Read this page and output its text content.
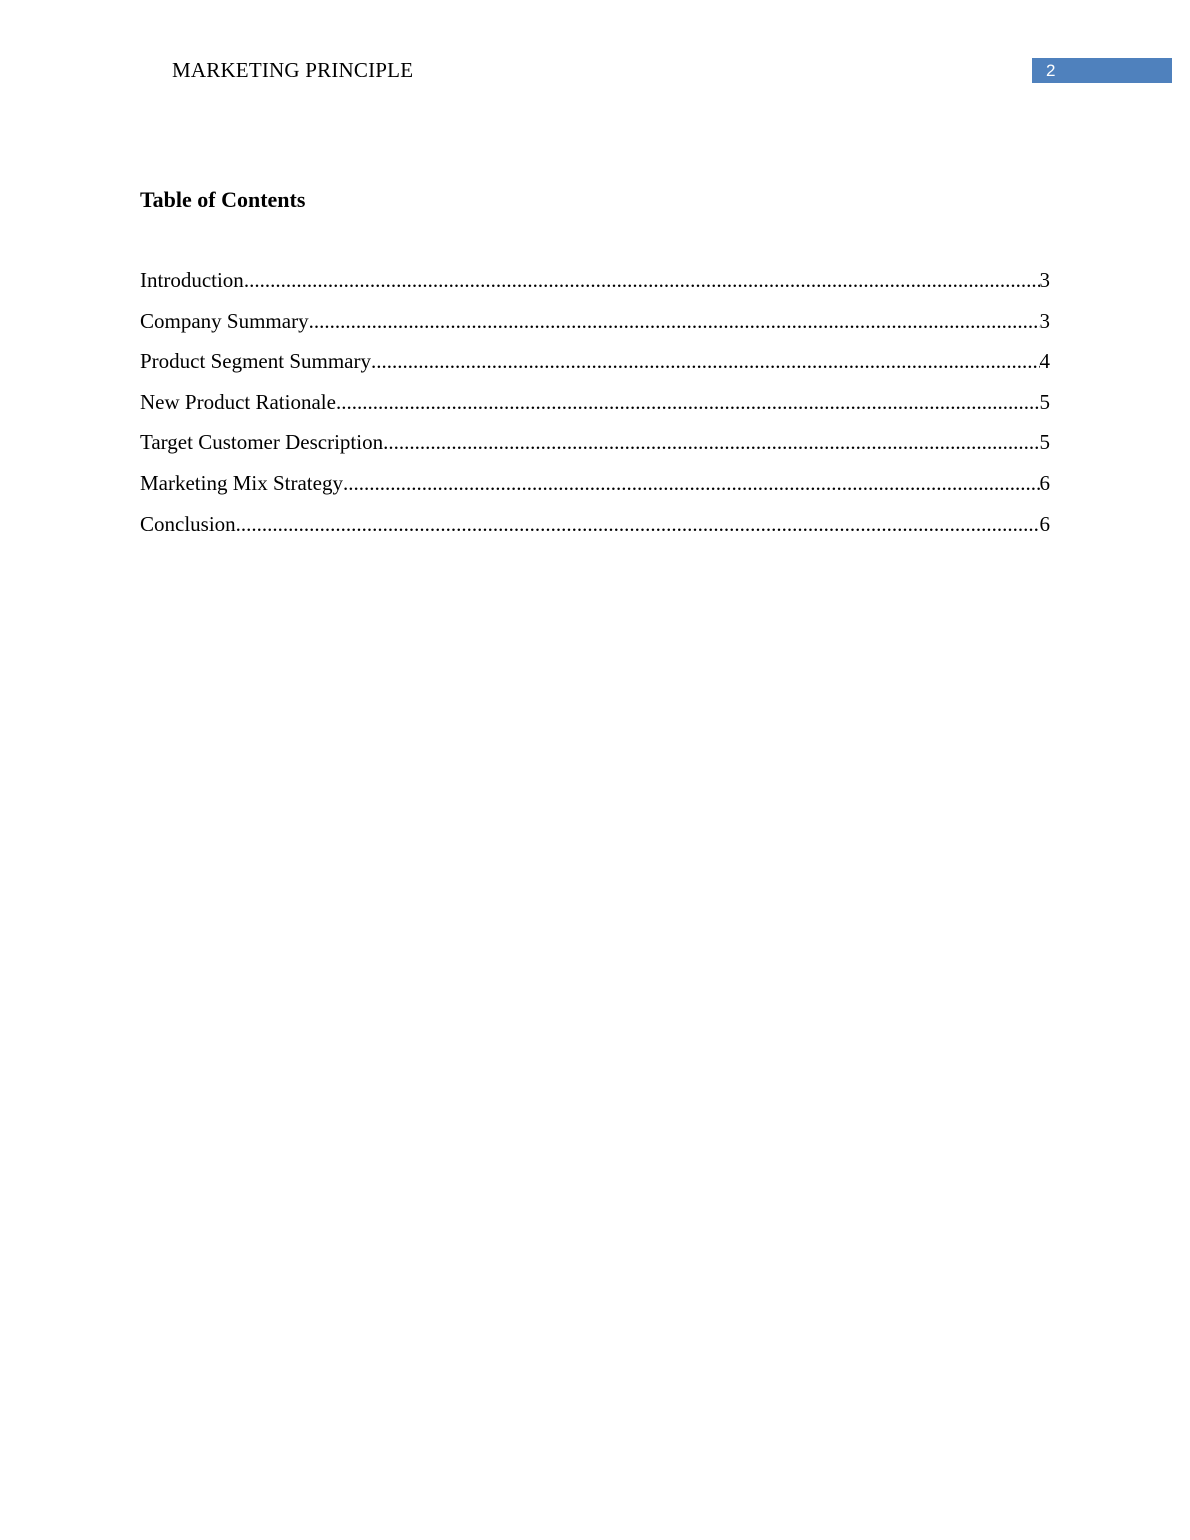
MARKETING PRINCIPLE	2
Table of Contents
Introduction .....	3
Company Summary .....	3
Product Segment Summary .....	4
New Product Rationale .....	5
Target Customer Description .....	5
Marketing Mix Strategy .....	6
Conclusion .....	6
